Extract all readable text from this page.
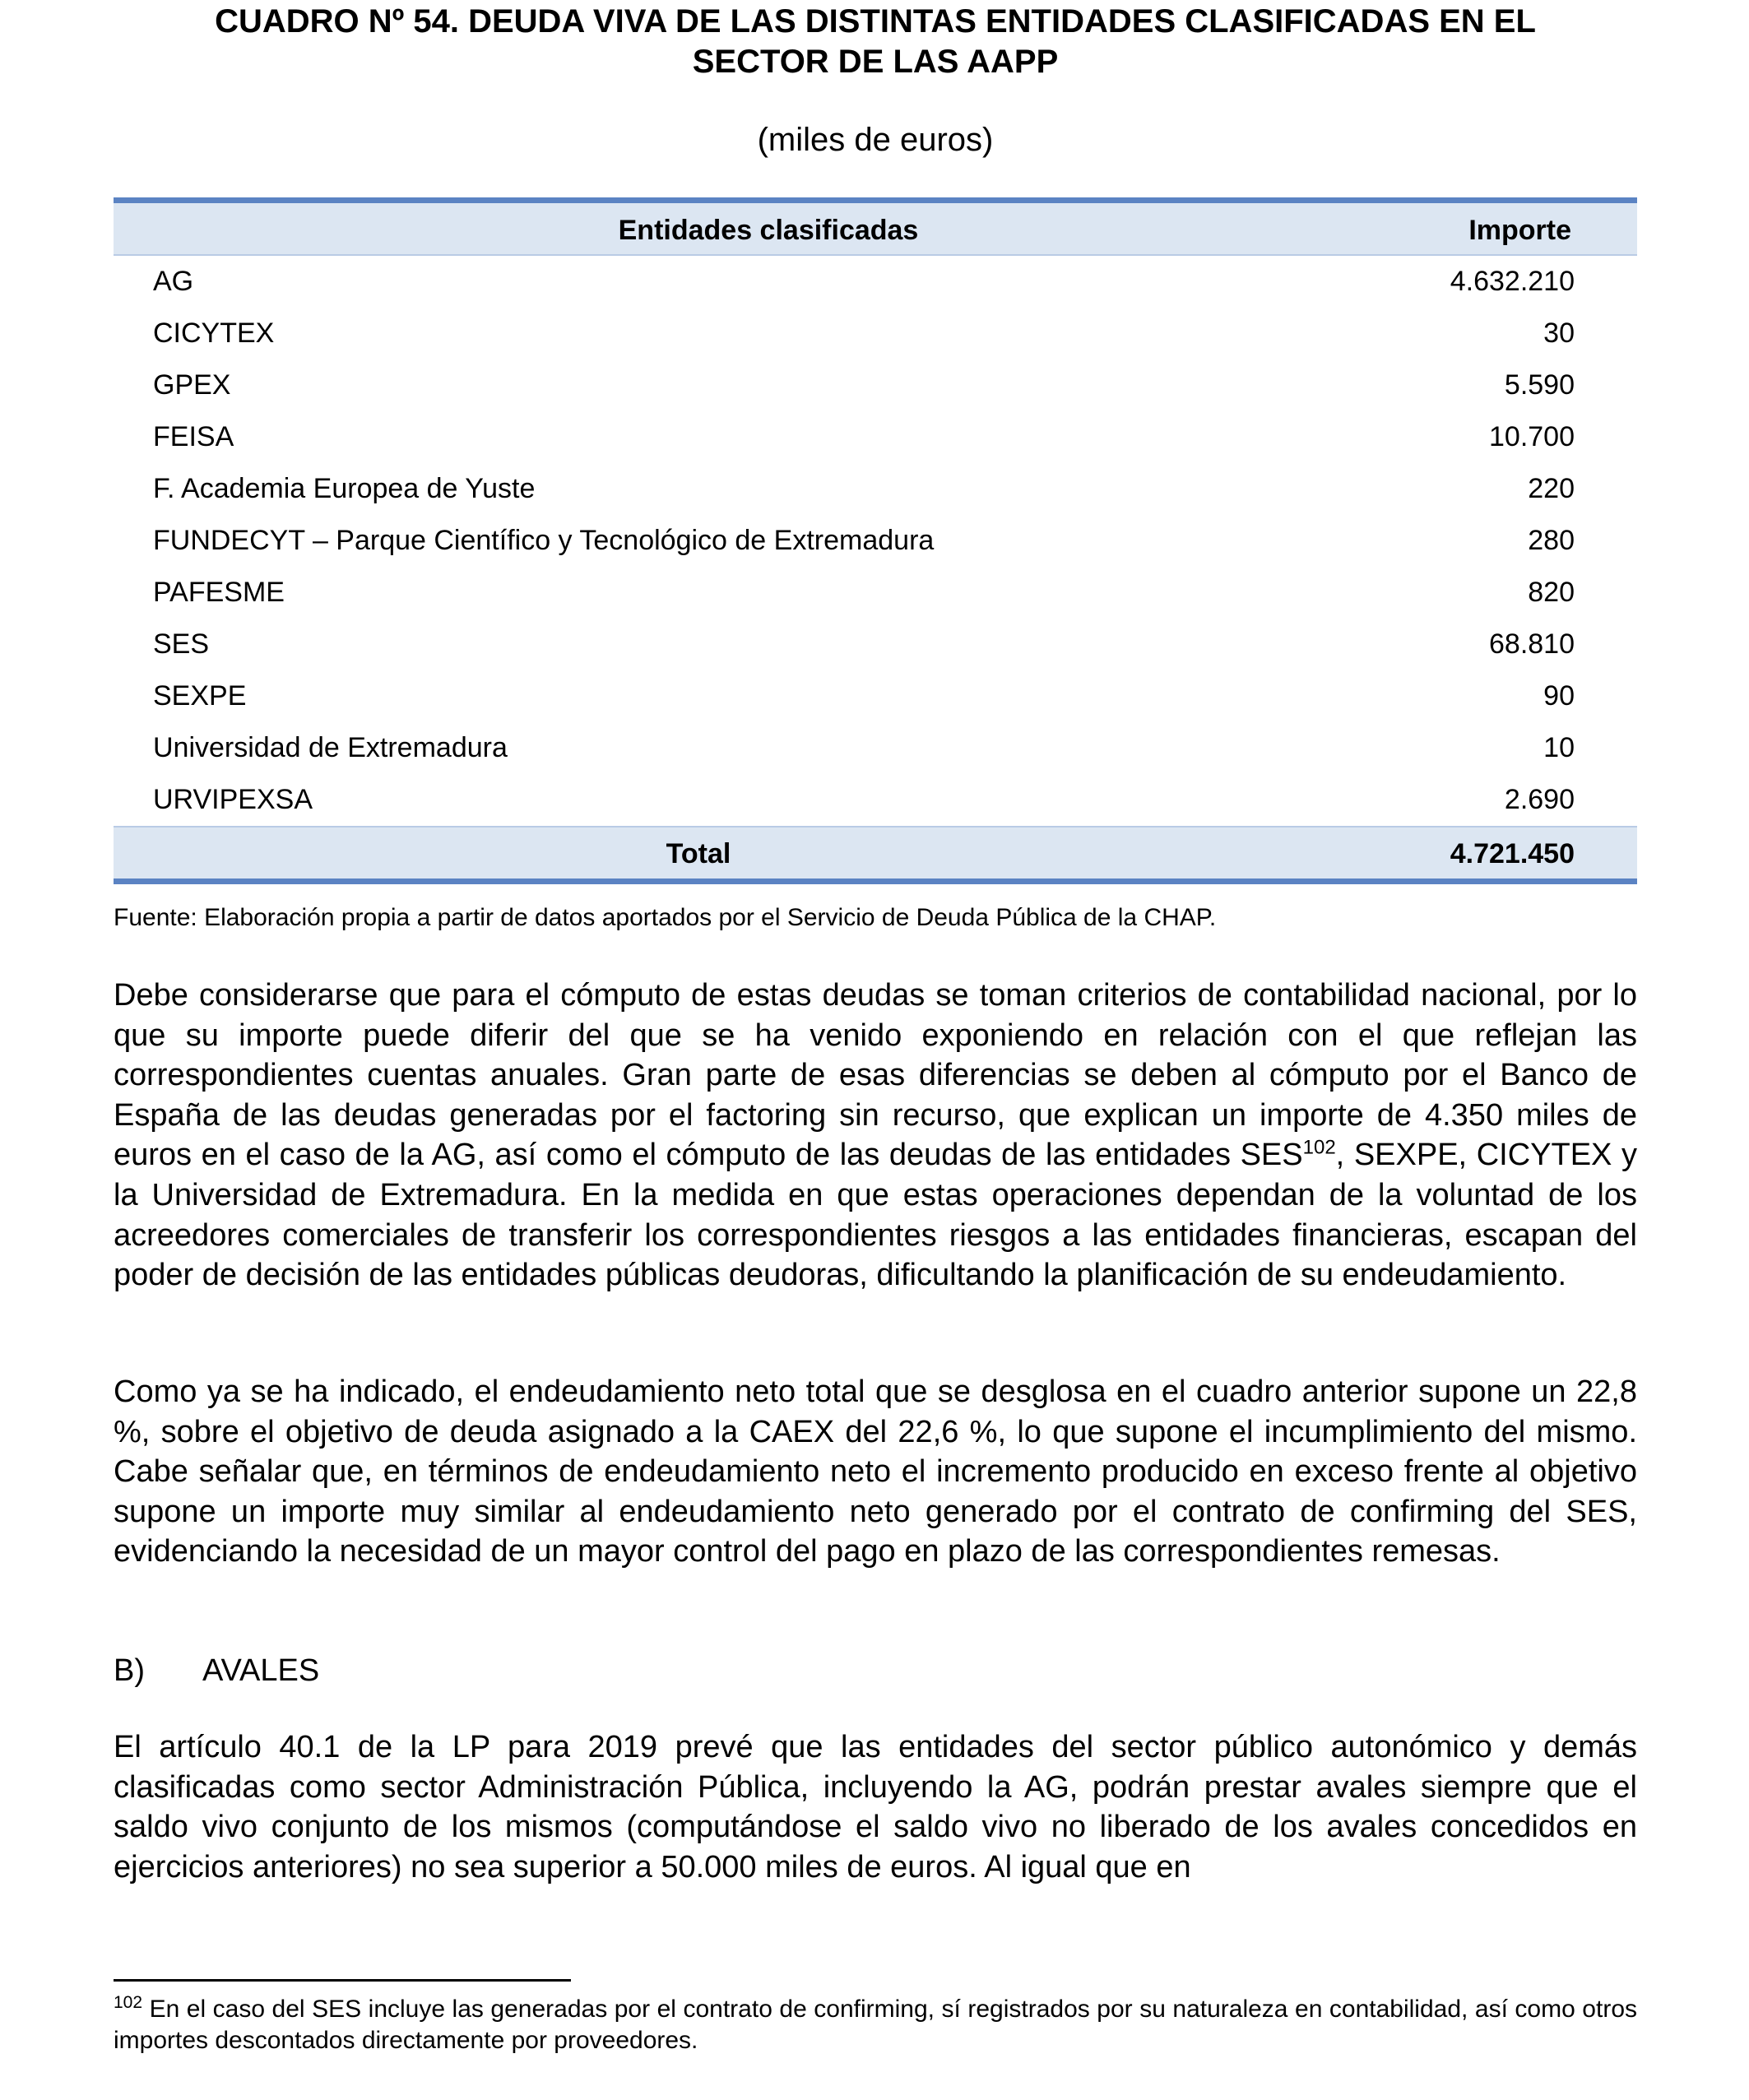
CUADRO Nº 54. DEUDA VIVA DE LAS DISTINTAS ENTIDADES CLASIFICADAS EN EL
SECTOR DE LAS AAPP
(miles de euros)
Entidades clasificadas	Importe
AG	4.632.210
CICYTEX	30
GPEX	5.590
FEISA	10.700
F. Academia Europea de Yuste	220
FUNDECYT – Parque Científico y Tecnológico de Extremadura	280
PAFESME	820
SES	68.810
SEXPE	90
Universidad de Extremadura	10
URVIPEXSA	2.690
Total	4.721.450
Fuente: Elaboración propia a partir de datos aportados por el Servicio de Deuda Pública de la CHAP.
Debe considerarse que para el cómputo de estas deudas se toman criterios de contabilidad nacional, por lo que su importe puede diferir del que se ha venido exponiendo en relación con el que reflejan las correspondientes cuentas anuales. Gran parte de esas diferencias se deben al cómputo por el Banco de España de las deudas generadas por el factoring sin recurso, que explican un importe de 4.350 miles de euros en el caso de la AG, así como el cómputo de las deudas de las entidades SES$^{102}$, SEXPE, CICYTEX y la Universidad de Extremadura. En la medida en que estas operaciones dependan de la voluntad de los acreedores comerciales de transferir los correspondientes riesgos a las entidades financieras, escapan del poder de decisión de las entidades públicas deudoras, dificultando la planificación de su endeudamiento.
Como ya se ha indicado, el endeudamiento neto total que se desglosa en el cuadro anterior supone un 22,8 %, sobre el objetivo de deuda asignado a la CAEX del 22,6 %, lo que supone el incumplimiento del mismo. Cabe señalar que, en términos de endeudamiento neto el incremento producido en exceso frente al objetivo supone un importe muy similar al endeudamiento neto generado por el contrato de confirming del SES, evidenciando la necesidad de un mayor control del pago en plazo de las correspondientes remesas.
B) AVALES
El artículo 40.1 de la LP para 2019 prevé que las entidades del sector público autonómico y demás clasificadas como sector Administración Pública, incluyendo la AG, podrán prestar avales siempre que el saldo vivo conjunto de los mismos (computándose el saldo vivo no liberado de los avales concedidos en ejercicios anteriores) no sea superior a 50.000 miles de euros. Al igual que en
$^{102}$ En el caso del SES incluye las generadas por el contrato de confirming, sí registrados por su naturaleza en contabilidad, así como otros importes descontados directamente por proveedores.
